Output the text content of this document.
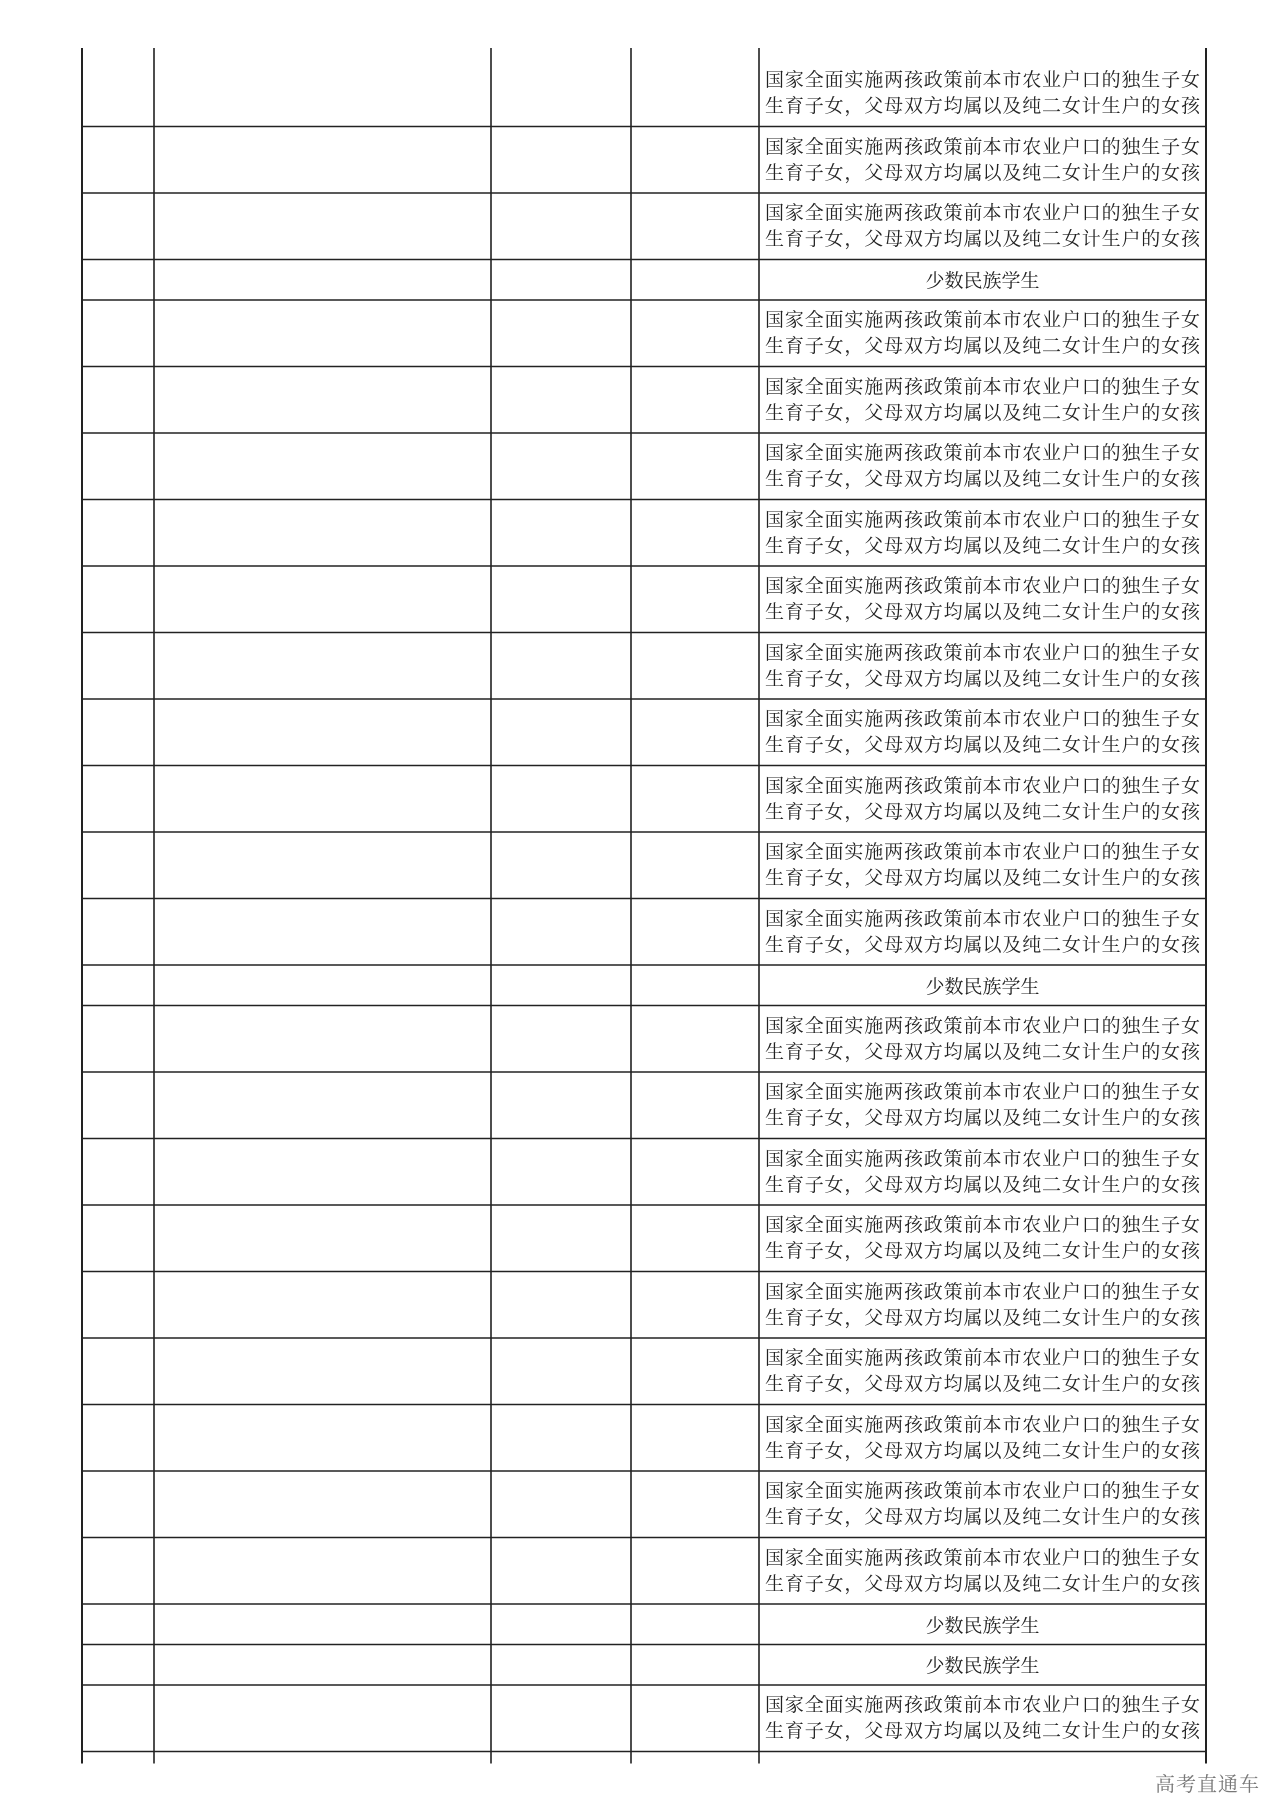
国家全面实施两孩政策前生育子女，父母双方均属
本市农业户口的独生子女以及纯二女计生户的女孩
国家全面实施两孩政策前生育子女，父母双方均属
本市农业户口的独生子女以及纯二女计生户的女孩
国家全面实施两孩政策前生育子女，父母双方均属
本市农业户口的独生子女以及纯二女计生户的女孩
少数民族学生
国家全面实施两孩政策前生育子女，父母双方均属
本市农业户口的独生子女以及纯二女计生户的女孩
国家全面实施两孩政策前生育子女，父母双方均属
本市农业户口的独生子女以及纯二女计生户的女孩
国家全面实施两孩政策前生育子女，父母双方均属
本市农业户口的独生子女以及纯二女计生户的女孩
国家全面实施两孩政策前生育子女，父母双方均属
本市农业户口的独生子女以及纯二女计生户的女孩
国家全面实施两孩政策前生育子女，父母双方均属
本市农业户口的独生子女以及纯二女计生户的女孩
国家全面实施两孩政策前生育子女，父母双方均属
本市农业户口的独生子女以及纯二女计生户的女孩
国家全面实施两孩政策前生育子女，父母双方均属
本市农业户口的独生子女以及纯二女计生户的女孩
国家全面实施两孩政策前生育子女，父母双方均属
本市农业户口的独生子女以及纯二女计生户的女孩
国家全面实施两孩政策前生育子女，父母双方均属
本市农业户口的独生子女以及纯二女计生户的女孩
国家全面实施两孩政策前生育子女，父母双方均属
本市农业户口的独生子女以及纯二女计生户的女孩
少数民族学生
国家全面实施两孩政策前生育子女，父母双方均属
本市农业户口的独生子女以及纯二女计生户的女孩
国家全面实施两孩政策前生育子女，父母双方均属
本市农业户口的独生子女以及纯二女计生户的女孩
国家全面实施两孩政策前生育子女，父母双方均属
本市农业户口的独生子女以及纯二女计生户的女孩
国家全面实施两孩政策前生育子女，父母双方均属
本市农业户口的独生子女以及纯二女计生户的女孩
国家全面实施两孩政策前生育子女，父母双方均属
本市农业户口的独生子女以及纯二女计生户的女孩
国家全面实施两孩政策前生育子女，父母双方均属
本市农业户口的独生子女以及纯二女计生户的女孩
国家全面实施两孩政策前生育子女，父母双方均属
本市农业户口的独生子女以及纯二女计生户的女孩
国家全面实施两孩政策前生育子女，父母双方均属
本市农业户口的独生子女以及纯二女计生户的女孩
国家全面实施两孩政策前生育子女，父母双方均属
本市农业户口的独生子女以及纯二女计生户的女孩
少数民族学生
少数民族学生
国家全面实施两孩政策前生育子女，父母双方均属
本市农业户口的独生子女以及纯二女计生户的女孩
高考直通车
